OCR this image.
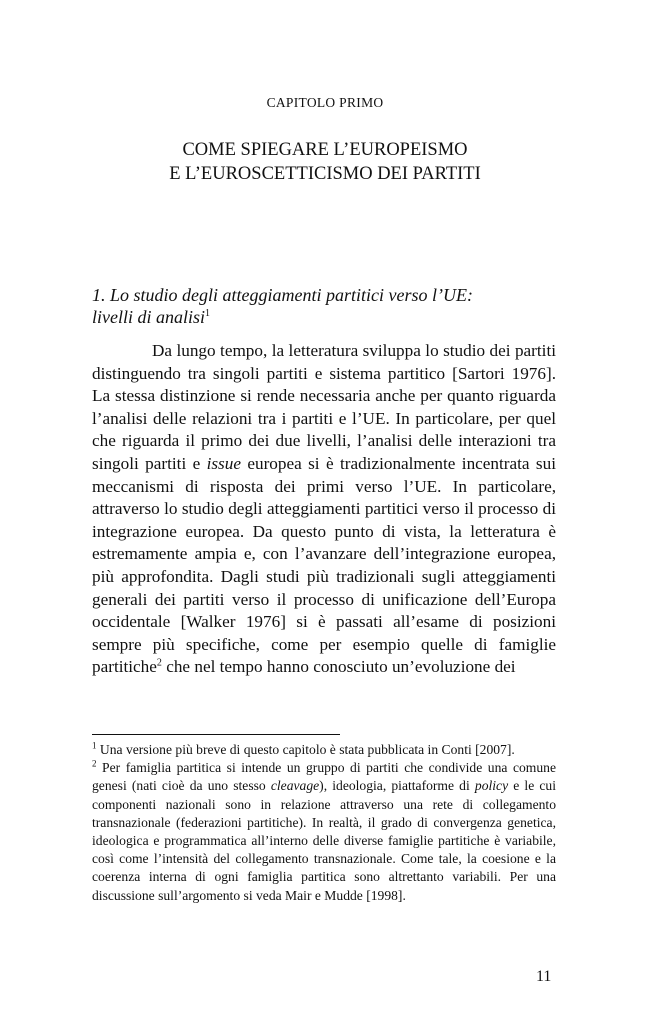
CAPITOLO PRIMO
COME SPIEGARE L’EUROPEISMO
E L’EUROSCETTICISMO DEI PARTITI
1. Lo studio degli atteggiamenti partitici verso l’UE:
livelli di analisi$^1$

Da lungo tempo, la letteratura sviluppa lo studio dei partiti distinguendo tra singoli partiti e sistema partitico [Sartori 1976]. La stessa distinzione si rende necessaria anche per quanto riguarda l’analisi delle relazioni tra i partiti e l’UE. In particolare, per quel che riguarda il primo dei due livelli, l’analisi delle interazioni tra singoli partiti e issue europea si è tradizionalmente incentrata sui meccanismi di risposta dei primi verso l’UE. In particolare, attraverso lo studio degli atteggiamenti partitici verso il processo di integrazione europea. Da questo punto di vista, la letteratura è estremamente ampia e, con l’avanzare dell’integrazione europea, più approfondita. Dagli studi più tradizionali sugli atteggiamenti generali dei partiti verso il processo di unificazione dell’Europa occidentale [Walker 1976] si è passati all’esame di posizioni sempre più specifiche, come per esempio quelle di famiglie partitiche$^2$ che nel tempo hanno conosciuto un’evoluzione dei

$^1$ Una versione più breve di questo capitolo è stata pubblicata in Conti [2007].

$^2$ Per famiglia partitica si intende un gruppo di partiti che condivide una comune genesi (nati cioè da uno stesso cleavage), ideologia, piattaforme di policy e le cui componenti nazionali sono in relazione attraverso una rete di collegamento transnazionale (federazioni partitiche). In realtà, il grado di convergenza genetica, ideologica e programmatica all’interno delle diverse famiglie partitiche è variabile, così come l’intensità del collegamento transnazionale. Come tale, la coesione e la coerenza interna di ogni famiglia partitica sono altrettanto variabili. Per una discussione sull’argomento si veda Mair e Mudde [1998].

11
